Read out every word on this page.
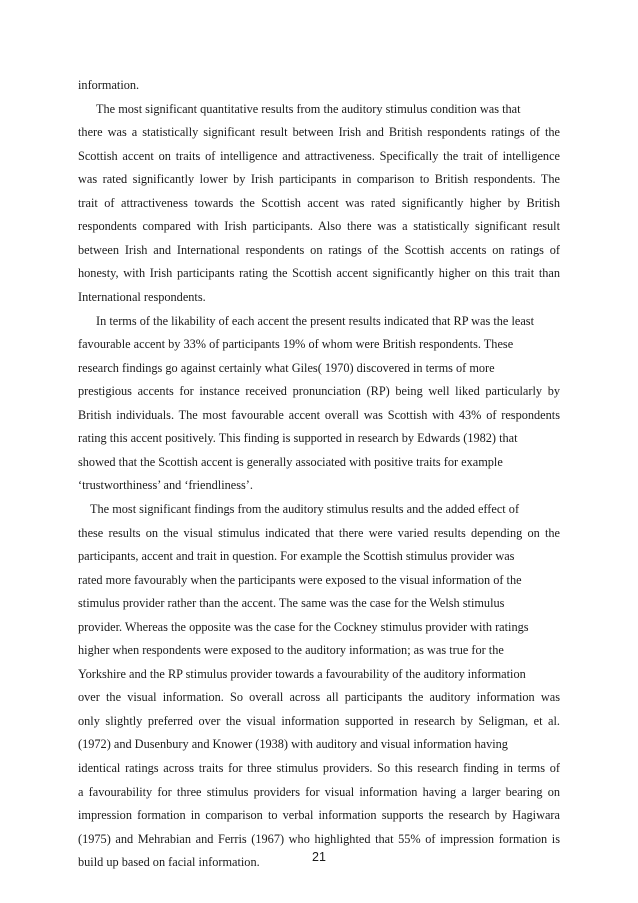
information.
The most significant quantitative results from the auditory stimulus condition was that
there was a statistically significant result between Irish and British respondents ratings of the
Scottish accent on traits of intelligence and attractiveness. Specifically the trait of intelligence
was rated significantly lower by Irish participants in comparison to British respondents. The
trait of attractiveness towards the Scottish accent was rated significantly higher by British
respondents compared with Irish participants. Also there was a statistically significant result
between Irish and International respondents on ratings of the Scottish accents on ratings of
honesty, with Irish participants rating the Scottish accent significantly higher on this trait than
International respondents.
In terms of the likability of each accent the present results indicated that RP was the least
favourable accent by 33% of participants 19% of whom were British respondents. These
research findings go against certainly what Giles( 1970) discovered in terms of more
prestigious accents for instance received pronunciation (RP) being well liked particularly by
British individuals. The most favourable accent overall was Scottish with 43% of respondents
rating this accent positively. This finding is supported in research by Edwards (1982) that
showed that the Scottish accent is generally associated with positive traits for example
‘trustworthiness’ and ‘friendliness’.
The most significant findings from the auditory stimulus results and the added effect of
these results on the visual stimulus indicated that there were varied results depending on the
participants, accent and trait in question. For example the Scottish stimulus provider was
rated more favourably when the participants were exposed to the visual information of the
stimulus provider rather than the accent. The same was the case for the Welsh stimulus
provider. Whereas the opposite was the case for the Cockney stimulus provider with ratings
higher when respondents were exposed to the auditory information; as was true for the
Yorkshire and the RP stimulus provider towards a favourability of the auditory information
over the visual information. So overall across all participants the auditory information was
only slightly preferred over the visual information supported in research by Seligman, et al.
(1972) and Dusenbury and Knower (1938) with auditory and visual information having
identical ratings across traits for three stimulus providers. So this research finding in terms of
a favourability for three stimulus providers for visual information having a larger bearing on
impression formation in comparison to verbal information supports the research by Hagiwara
(1975) and Mehrabian and Ferris (1967) who highlighted that 55% of impression formation is
build up based on facial information.	21
